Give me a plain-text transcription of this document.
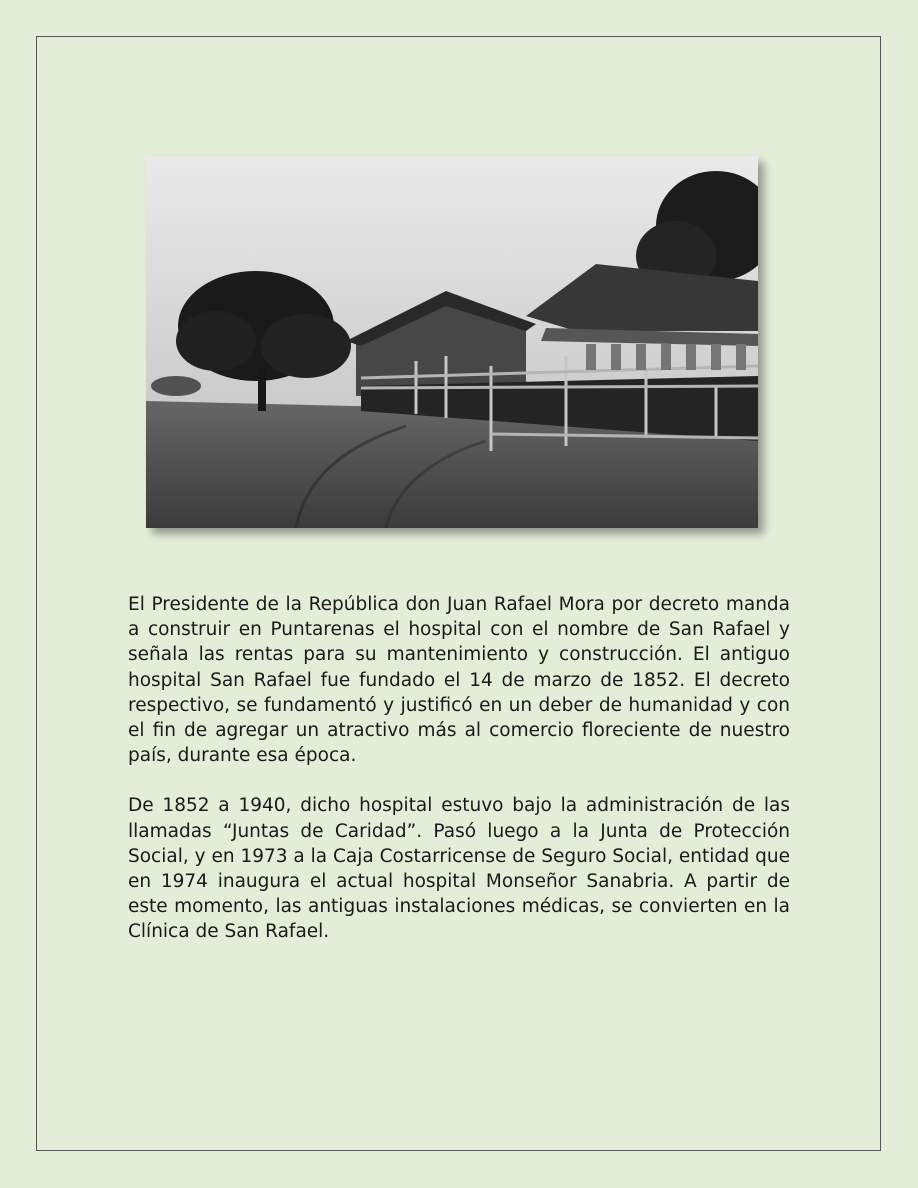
El Presidente de la República don Juan Rafael Mora por decreto manda a construir en Puntarenas el hospital con el nombre de San Rafael y señala las rentas para su mantenimiento y construcción. El antiguo hospital San Rafael fue fundado el 14 de marzo de 1852. El decreto respectivo, se fundamentó y justificó en un deber de humanidad y con el fin de agregar un atractivo más al comercio floreciente de nuestro país, durante esa época.

De 1852 a 1940, dicho hospital estuvo bajo la administración de las llamadas “Juntas de Caridad”. Pasó luego a la Junta de Protección Social, y en 1973 a la Caja Costarricense de Seguro Social, entidad que en 1974 inaugura el actual hospital Monseñor Sanabria. A partir de este momento, las antiguas instalaciones médicas, se convierten en la Clínica de San Rafael.
